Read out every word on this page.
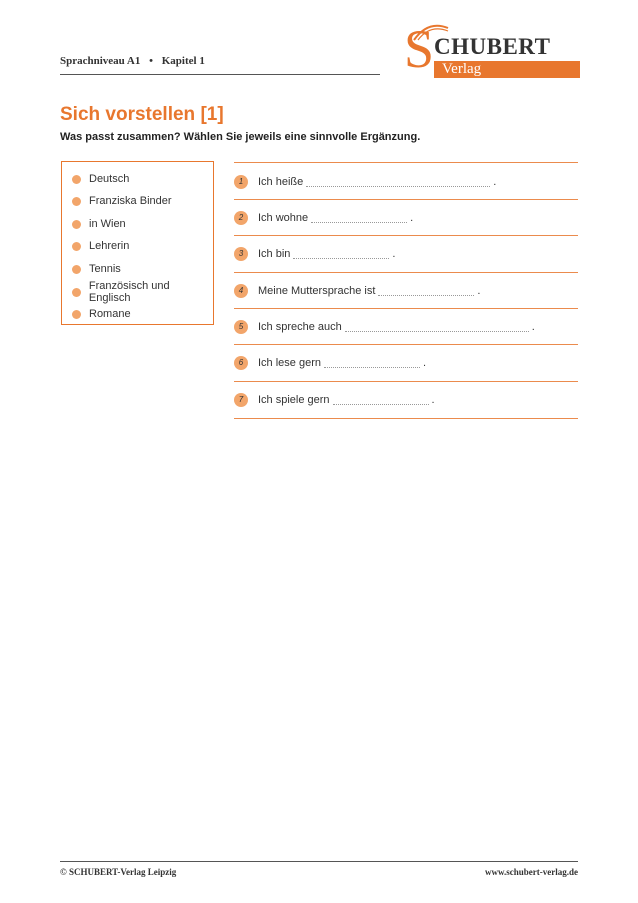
Sprachniveau A1 • Kapitel 1	S CHUBERT
Verlag
Sich vorstellen [1]
Was passt zusammen? Wählen Sie jeweils eine sinnvolle Ergänzung.
Deutsch
Franziska Binder
in Wien
Lehrerin
Tennis
Französisch und Englisch
Romane
1	Ich heiße	.
2	Ich wohne	.
3	Ich bin	.
4	Meine Muttersprache ist	.
5	Ich spreche auch	.
6	Ich lese gern	.
7	Ich spiele gern	.
© SCHUBERT-Verlag Leipzig	www.schubert-verlag.de
